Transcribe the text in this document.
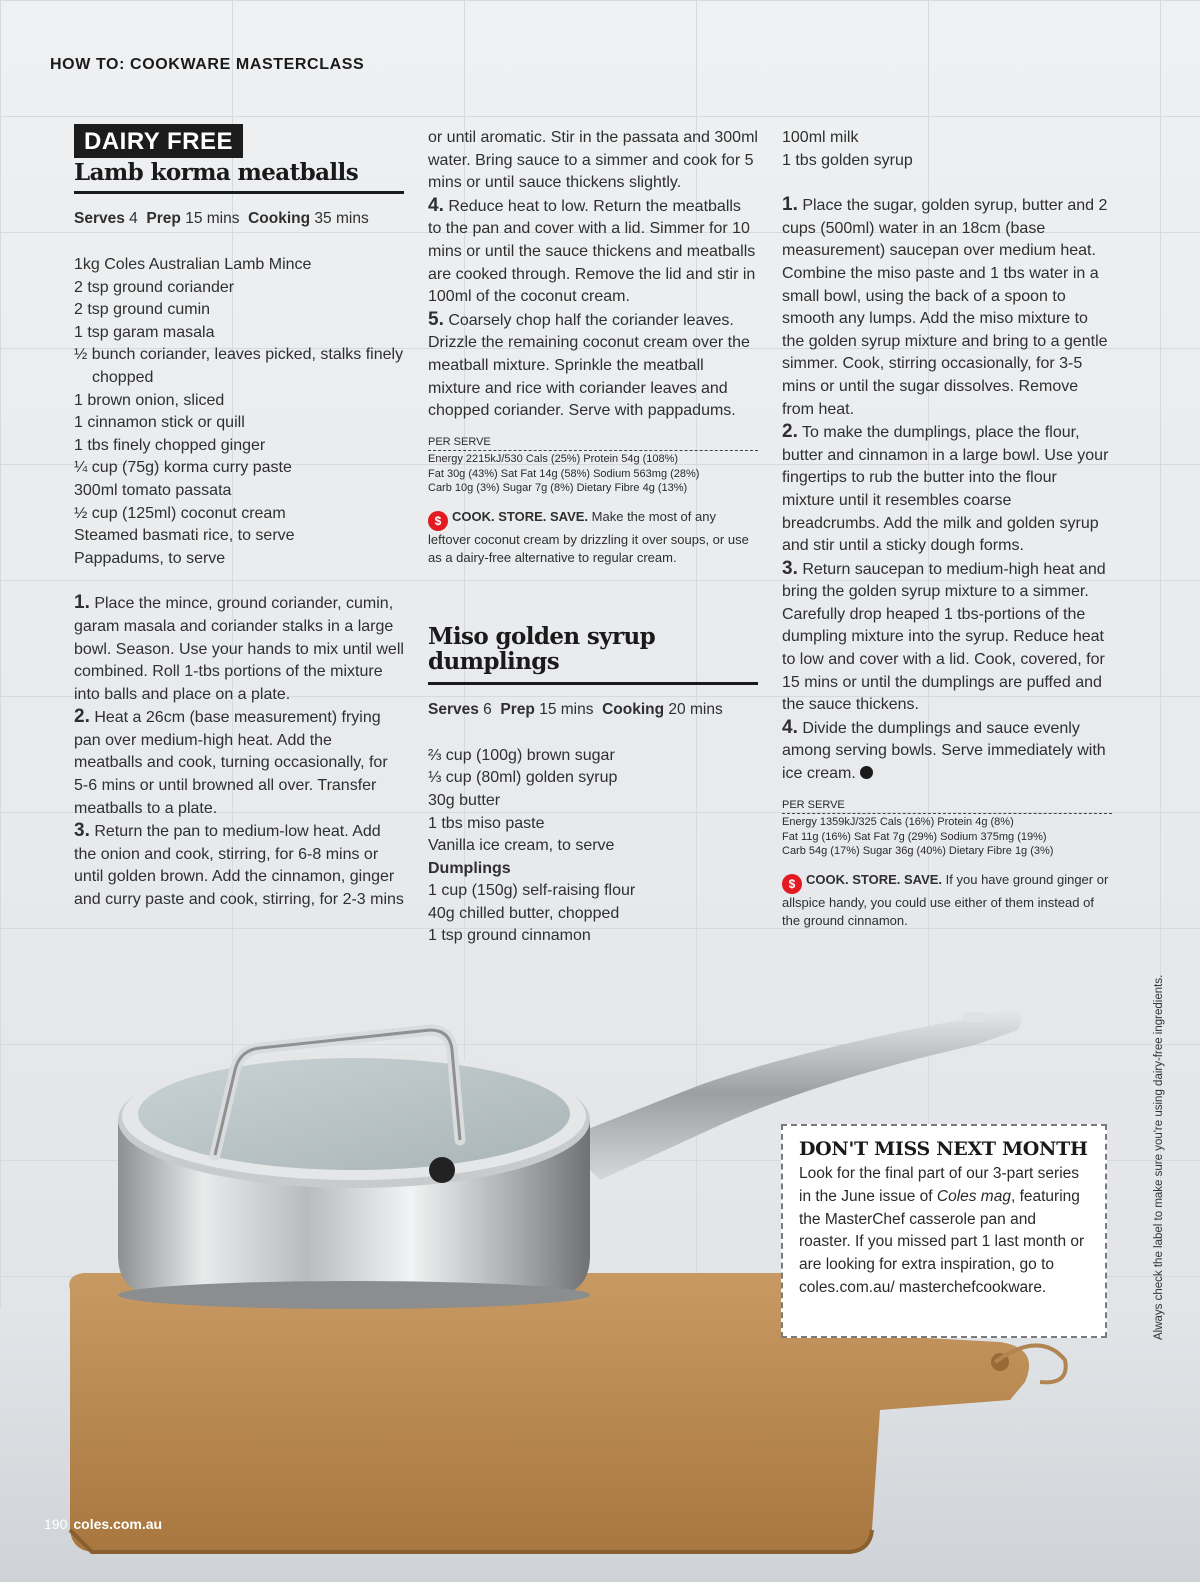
HOW TO: COOKWARE MASTERCLASS
DAIRY FREE
Lamb korma meatballs
Serves 4 Prep 15 mins Cooking 35 mins
1kg Coles Australian Lamb Mince
2 tsp ground coriander
2 tsp ground cumin
1 tsp garam masala
½ bunch coriander, leaves picked, stalks finely chopped
1 brown onion, sliced
1 cinnamon stick or quill
1 tbs finely chopped ginger
¼ cup (75g) korma curry paste
300ml tomato passata
½ cup (125ml) coconut cream
Steamed basmati rice, to serve
Pappadums, to serve

1. Place the mince, ground coriander, cumin, garam masala and coriander stalks in a large bowl. Season. Use your hands to mix until well combined. Roll 1-tbs portions of the mixture into balls and place on a plate.

2. Heat a 26cm (base measurement) frying pan over medium-high heat. Add the meatballs and cook, turning occasionally, for 5-6 mins or until browned all over. Transfer meatballs to a plate.

3. Return the pan to medium-low heat. Add the onion and cook, stirring, for 6-8 mins or until golden brown. Add the cinnamon, ginger and curry paste and cook, stirring, for 2-3 mins

or until aromatic. Stir in the passata and 300ml water. Bring sauce to a simmer and cook for 5 mins or until sauce thickens slightly.

4. Reduce heat to low. Return the meatballs to the pan and cover with a lid. Simmer for 10 mins or until the sauce thickens and meatballs are cooked through. Remove the lid and stir in 100ml of the coconut cream.

5. Coarsely chop half the coriander leaves. Drizzle the remaining coconut cream over the meatball mixture. Sprinkle the meatball mixture and rice with coriander leaves and chopped coriander. Serve with pappadums.

PER SERVE
Energy 2215kJ/530 Cals (25%) Protein 54g (108%)
Fat 30g (43%) Sat Fat 14g (58%) Sodium 563mg (28%)
Carb 10g (3%) Sugar 7g (8%) Dietary Fibre 4g (13%)
$ COOK. STORE. SAVE. Make the most of any leftover coconut cream by drizzling it over soups, or use as a dairy-free alternative to regular cream.
Miso golden syrup dumplings
Serves 6 Prep 15 mins Cooking 20 mins
⅔ cup (100g) brown sugar
⅓ cup (80ml) golden syrup
30g butter
1 tbs miso paste
Vanilla ice cream, to serve
Dumplings
1 cup (150g) self-raising flour
40g chilled butter, chopped
1 tsp ground cinnamon
100ml milk
1 tbs golden syrup

1. Place the sugar, golden syrup, butter and 2 cups (500ml) water in an 18cm (base measurement) saucepan over medium heat. Combine the miso paste and 1 tbs water in a small bowl, using the back of a spoon to smooth any lumps. Add the miso mixture to the golden syrup mixture and bring to a gentle simmer. Cook, stirring occasionally, for 3-5 mins or until the sugar dissolves. Remove from heat.

2. To make the dumplings, place the flour, butter and cinnamon in a large bowl. Use your fingertips to rub the butter into the flour mixture until it resembles coarse breadcrumbs. Add the milk and golden syrup and stir until a sticky dough forms.

3. Return saucepan to medium-high heat and bring the golden syrup mixture to a simmer. Carefully drop heaped 1 tbs-portions of the dumpling mixture into the syrup. Reduce heat to low and cover with a lid. Cook, covered, for 15 mins or until the dumplings are puffed and the sauce thickens.

4. Divide the dumplings and sauce evenly among serving bowls. Serve immediately with ice cream.

PER SERVE
Energy 1359kJ/325 Cals (16%) Protein 4g (8%)
Fat 11g (16%) Sat Fat 7g (29%) Sodium 375mg (19%)
Carb 54g (17%) Sugar 36g (40%) Dietary Fibre 1g (3%)
$ COOK. STORE. SAVE. If you have ground ginger or allspice handy, you could use either of them instead of the ground cinnamon.
DON'T MISS NEXT MONTH
Look for the final part of our 3-part series in the June issue of Coles mag, featuring the MasterChef casserole pan and roaster. If you missed part 1 last month or are looking for extra inspiration, go to coles.com.au/ masterchefcookware.	Always check the label to make sure you're using dairy-free ingredients.
190 coles.com.au
